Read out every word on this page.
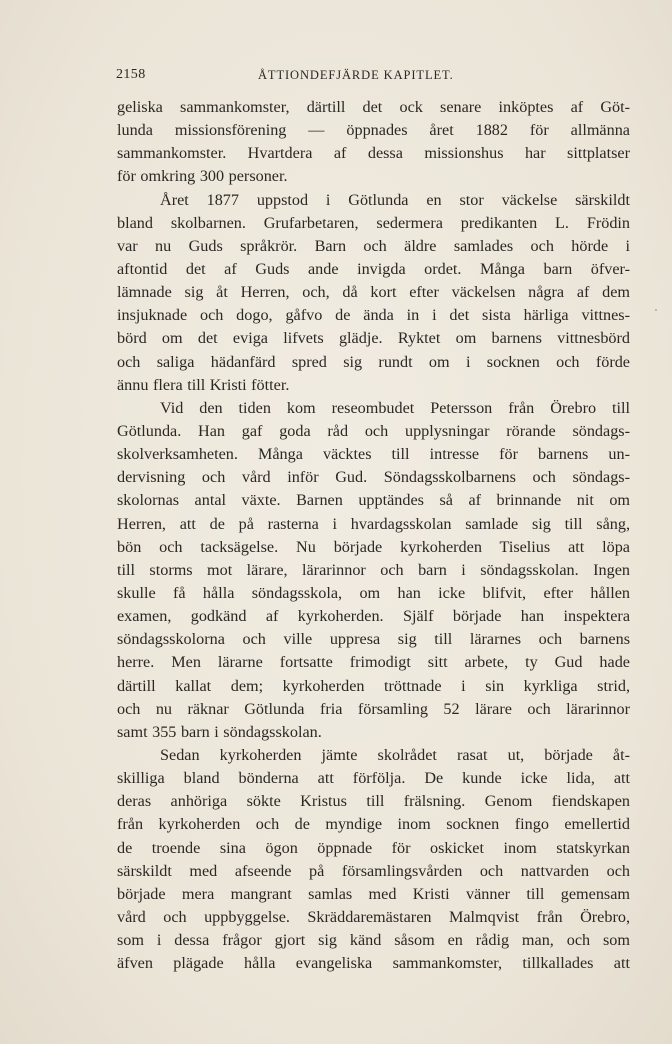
2158	ÅTTIONDEFJÄRDE KAPITLET.
geliska sammankomster, därtill det ock senare inköptes af Göt-
lunda missionsförening — öppnades året 1882 för allmänna
sammankomster. Hvartdera af dessa missionshus har sittplatser
för omkring 300 personer.
Året 1877 uppstod i Götlunda en stor väckelse särskildt
bland skolbarnen. Grufarbetaren, sedermera predikanten L. Frödin
var nu Guds språkrör. Barn och äldre samlades och hörde i
aftontid det af Guds ande invigda ordet. Många barn öfver-
lämnade sig åt Herren, och, då kort efter väckelsen några af dem
insjuknade och dogo, gåfvo de ända in i det sista härliga vittnes-
börd om det eviga lifvets glädje. Ryktet om barnens vittnesbörd
och saliga hädanfärd spred sig rundt om i socknen och förde
ännu flera till Kristi fötter.
Vid den tiden kom reseombudet Petersson från Örebro till
Götlunda. Han gaf goda råd och upplysningar rörande söndags-
skolverksamheten. Många väcktes till intresse för barnens un-
dervisning och vård inför Gud. Söndagsskolbarnens och söndags-
skolornas antal växte. Barnen upptändes så af brinnande nit om
Herren, att de på rasterna i hvardagsskolan samlade sig till sång,
bön och tacksägelse. Nu började kyrkoherden Tiselius att löpa
till storms mot lärare, lärarinnor och barn i söndagsskolan. Ingen
skulle få hålla söndagsskola, om han icke blifvit, efter hållen
examen, godkänd af kyrkoherden. Själf började han inspektera
söndagsskolorna och ville uppresa sig till lärarnes och barnens
herre. Men lärarne fortsatte frimodigt sitt arbete, ty Gud hade
därtill kallat dem; kyrkoherden tröttnade i sin kyrkliga strid,
och nu räknar Götlunda fria församling 52 lärare och lärarinnor
samt 355 barn i söndagsskolan.
Sedan kyrkoherden jämte skolrådet rasat ut, började åt-
skilliga bland bönderna att förfölja. De kunde icke lida, att
deras anhöriga sökte Kristus till frälsning. Genom fiendskapen
från kyrkoherden och de myndige inom socknen fingo emellertid
de troende sina ögon öppnade för oskicket inom statskyrkan
särskildt med afseende på församlingsvården och nattvarden och
började mera mangrant samlas med Kristi vänner till gemensam
vård och uppbyggelse. Skräddaremästaren Malmqvist från Örebro,
som i dessa frågor gjort sig känd såsom en rådig man, och som
äfven plägade hålla evangeliska sammankomster, tillkallades att
